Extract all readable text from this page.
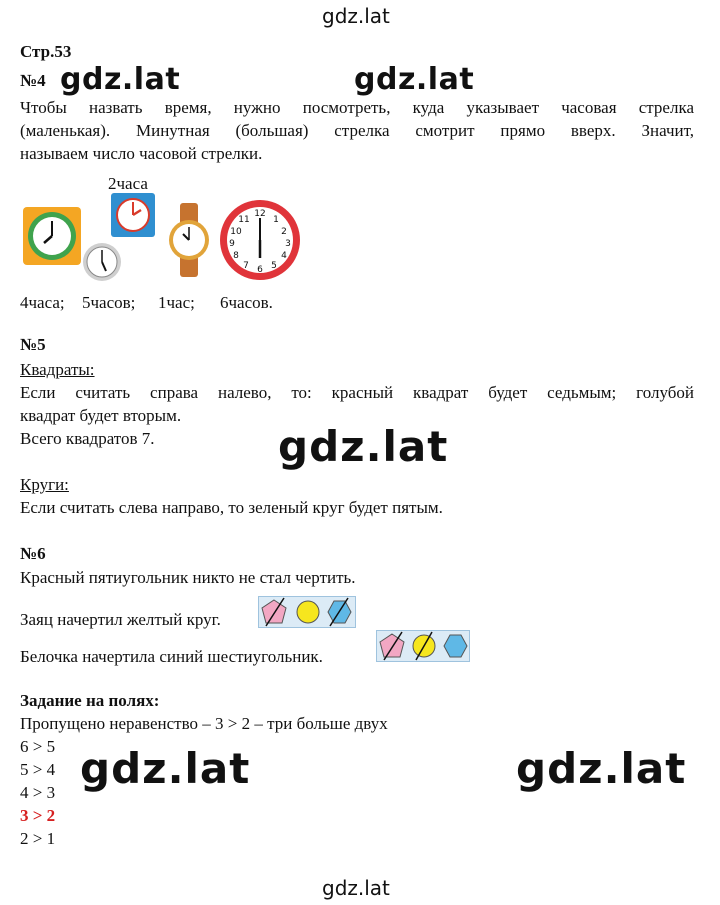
gdz.lat
gdz.lat	gdz.lat
gdz.lat
gdz.lat	gdz.lat
gdz.lat
Стр.53
№4
Чтобы назвать время, нужно посмотреть, куда указывает часовая стрелка
(маленькая). Минутная (большая) стрелка смотрит прямо вверх. Значит,
называем число часовой стрелки.
2часа
12
1
2
3
4
5
6
7
8
9
10
11
4часа; 5часов; 1час; 6часов.
№5
Квадраты:
Если считать справа налево, то: красный квадрат будет седьмым; голубой
квадрат будет вторым.
Всего квадратов 7.
Круги:
Если считать слева направо, то зеленый круг будет пятым.
№6
Красный пятиугольник никто не стал чертить.
Заяц начертил желтый круг.
Белочка начертила синий шестиугольник.
Задание на полях:
Пропущено неравенство – 3 > 2 – три больше двух
6 > 5
5 > 4
4 > 3
3 > 2
2 > 1
